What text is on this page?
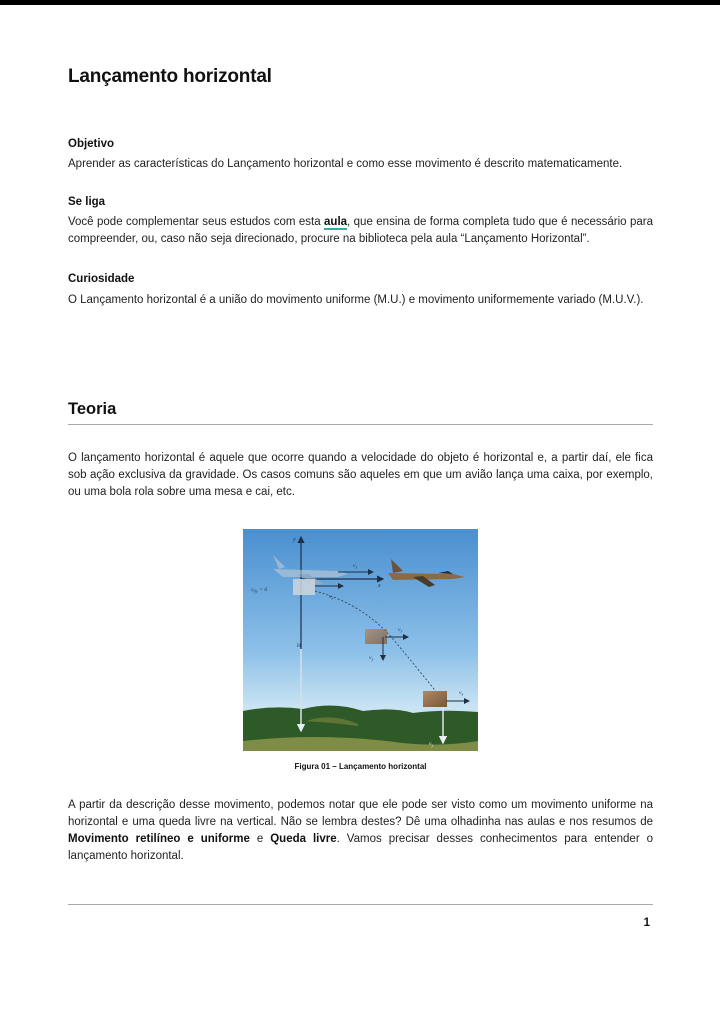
Lançamento horizontal
Objetivo

Aprender as características do Lançamento horizontal e como esse movimento é descrito matematicamente.

Se liga

Você pode complementar seus estudos com esta aula, que ensina de forma completa tudo que é necessário para compreender, ou, caso não seja direcionado, procure na biblioteca pela aula “Lançamento Horizontal”.

Curiosidade

O Lançamento horizontal é a união do movimento uniforme (M.U.) e movimento uniformemente variado (M.U.V.).

Teoria

O lançamento horizontal é aquele que ocorre quando a velocidade do objeto é horizontal e, a partir daí, ele fica sob ação exclusiva da gravidade. Os casos comuns são aqueles em que um avião lança uma caixa, por exemplo, ou uma bola rola sobre uma mesa e cai, etc.

y
x
$v_x$
$v_x$
$v_{0y} = 0$
$v_x$
$v_y$
H
$v_x$
$v_y$
Figura 01 – Lançamento horizontal

A partir da descrição desse movimento, podemos notar que ele pode ser visto como um movimento uniforme na horizontal e uma queda livre na vertical. Não se lembra destes? Dê uma olhadinha nas aulas e nos resumos de Movimento retilíneo e uniforme e Queda livre. Vamos precisar desses conhecimentos para entender o lançamento horizontal.

1
